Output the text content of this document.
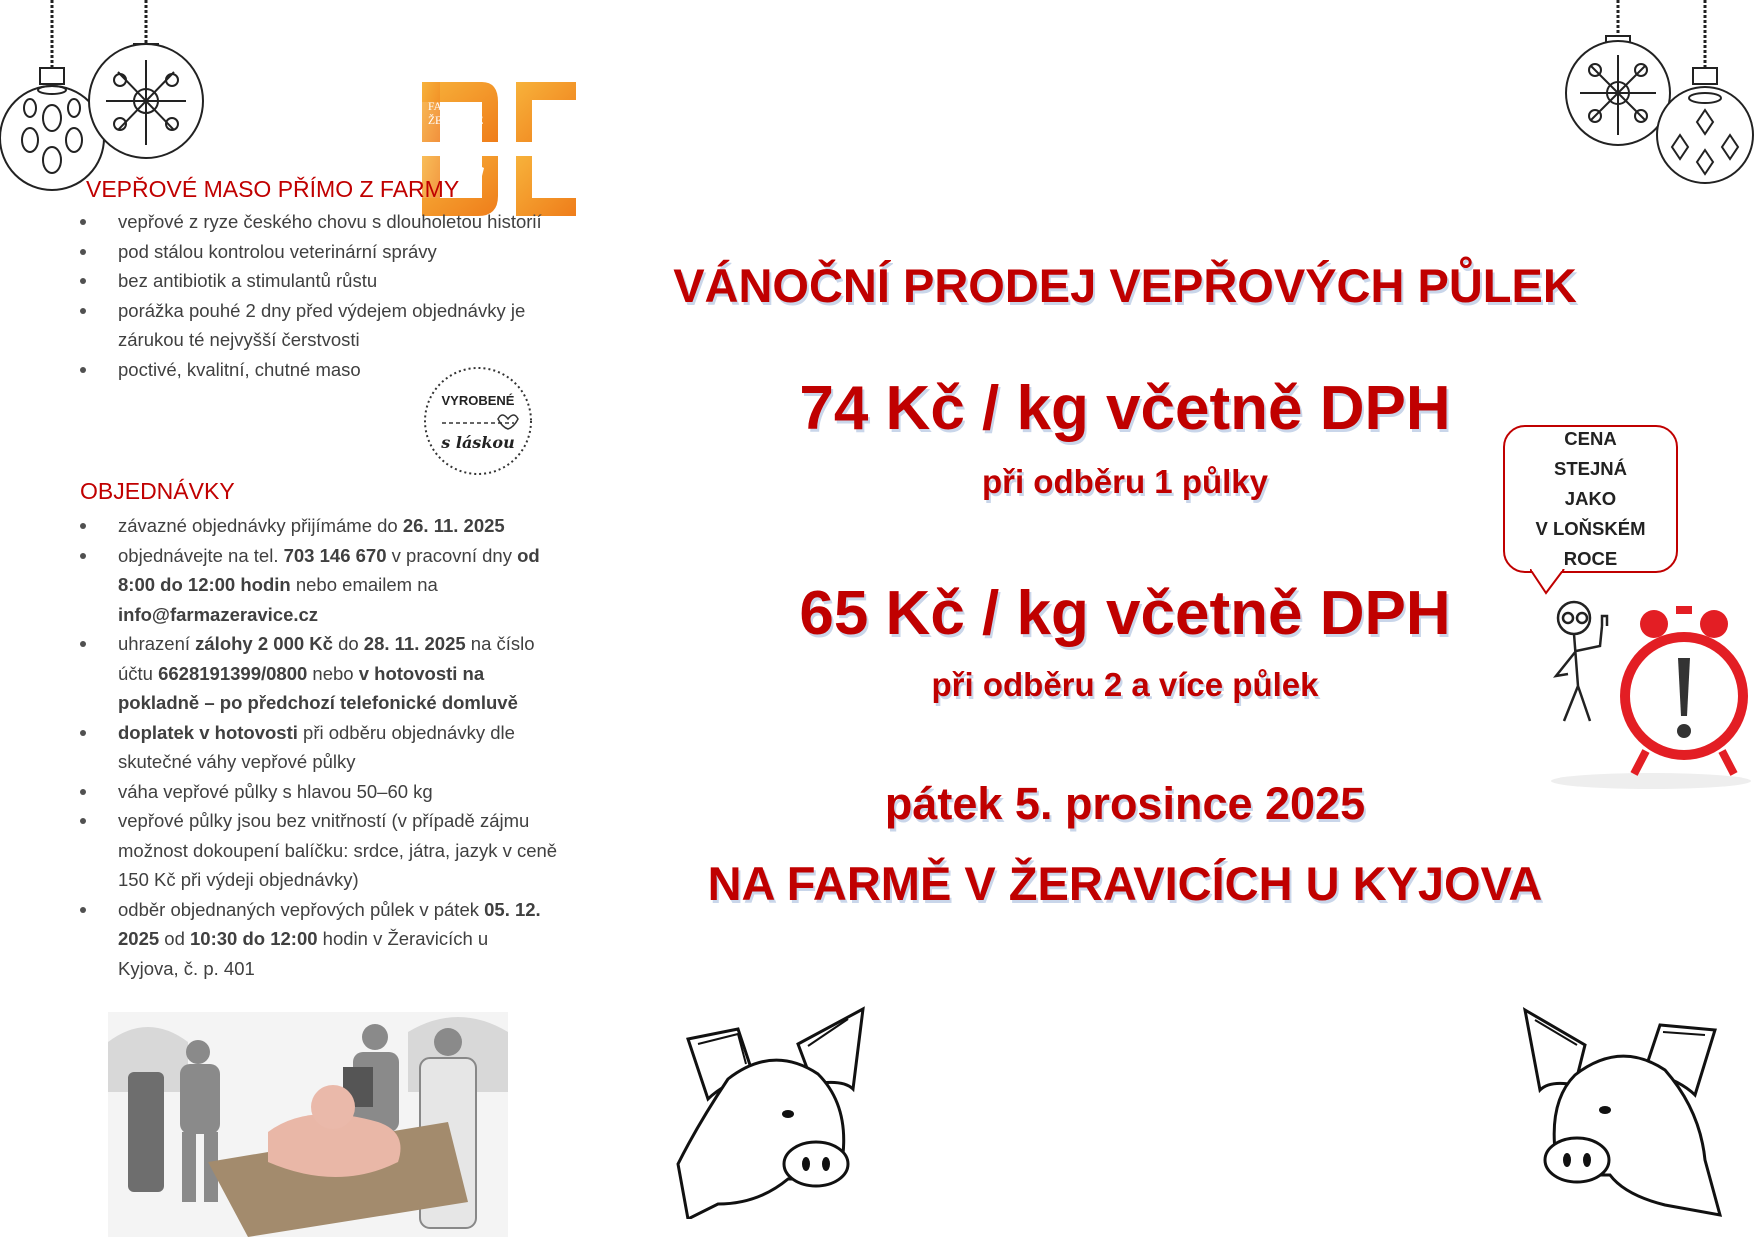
FARMA
ŽERAVICE
VEPŘOVÉ MASO PŘÍMO Z FARMY
vepřové z ryze českého chovu s dlouholetou historií
pod stálou kontrolou veterinární správy
bez antibiotik a stimulantů růstu
porážka pouhé 2 dny před výdejem objednávky je zárukou té nejvyšší čerstvosti
poctivé, kvalitní, chutné maso
VYROBENÉ
s láskou
OBJEDNÁVKY
závazné objednávky přijímáme do 26. 11. 2025
objednávejte na tel. 703 146 670 v pracovní dny od 8:00 do 12:00 hodin nebo emailem na info@farmazeravice.cz
uhrazení zálohy 2 000 Kč do 28. 11. 2025 na číslo účtu 6628191399/0800 nebo v hotovosti na pokladně – po předchozí telefonické domluvě
doplatek v hotovosti při odběru objednávky dle skutečné váhy vepřové půlky
váha vepřové půlky s hlavou 50–60 kg
vepřové půlky jsou bez vnitřností (v případě zájmu možnost dokoupení balíčku: srdce, játra, jazyk v ceně 150 Kč při výdeji objednávky)
odběr objednaných vepřových půlek v pátek 05. 12. 2025 od 10:30 do 12:00 hodin v Žeravicích u Kyjova, č. p. 401
VÁNOČNÍ PRODEJ VEPŘOVÝCH PŮLEK
74 Kč / kg včetně DPH
při odběru 1 půlky
65 Kč / kg včetně DPH
při odběru 2 a více půlek
pátek 5. prosince 2025
NA FARMĚ V ŽERAVICÍCH U KYJOVA
CENA STEJNÁ
JAKO
V LOŇSKÉM
ROCE
